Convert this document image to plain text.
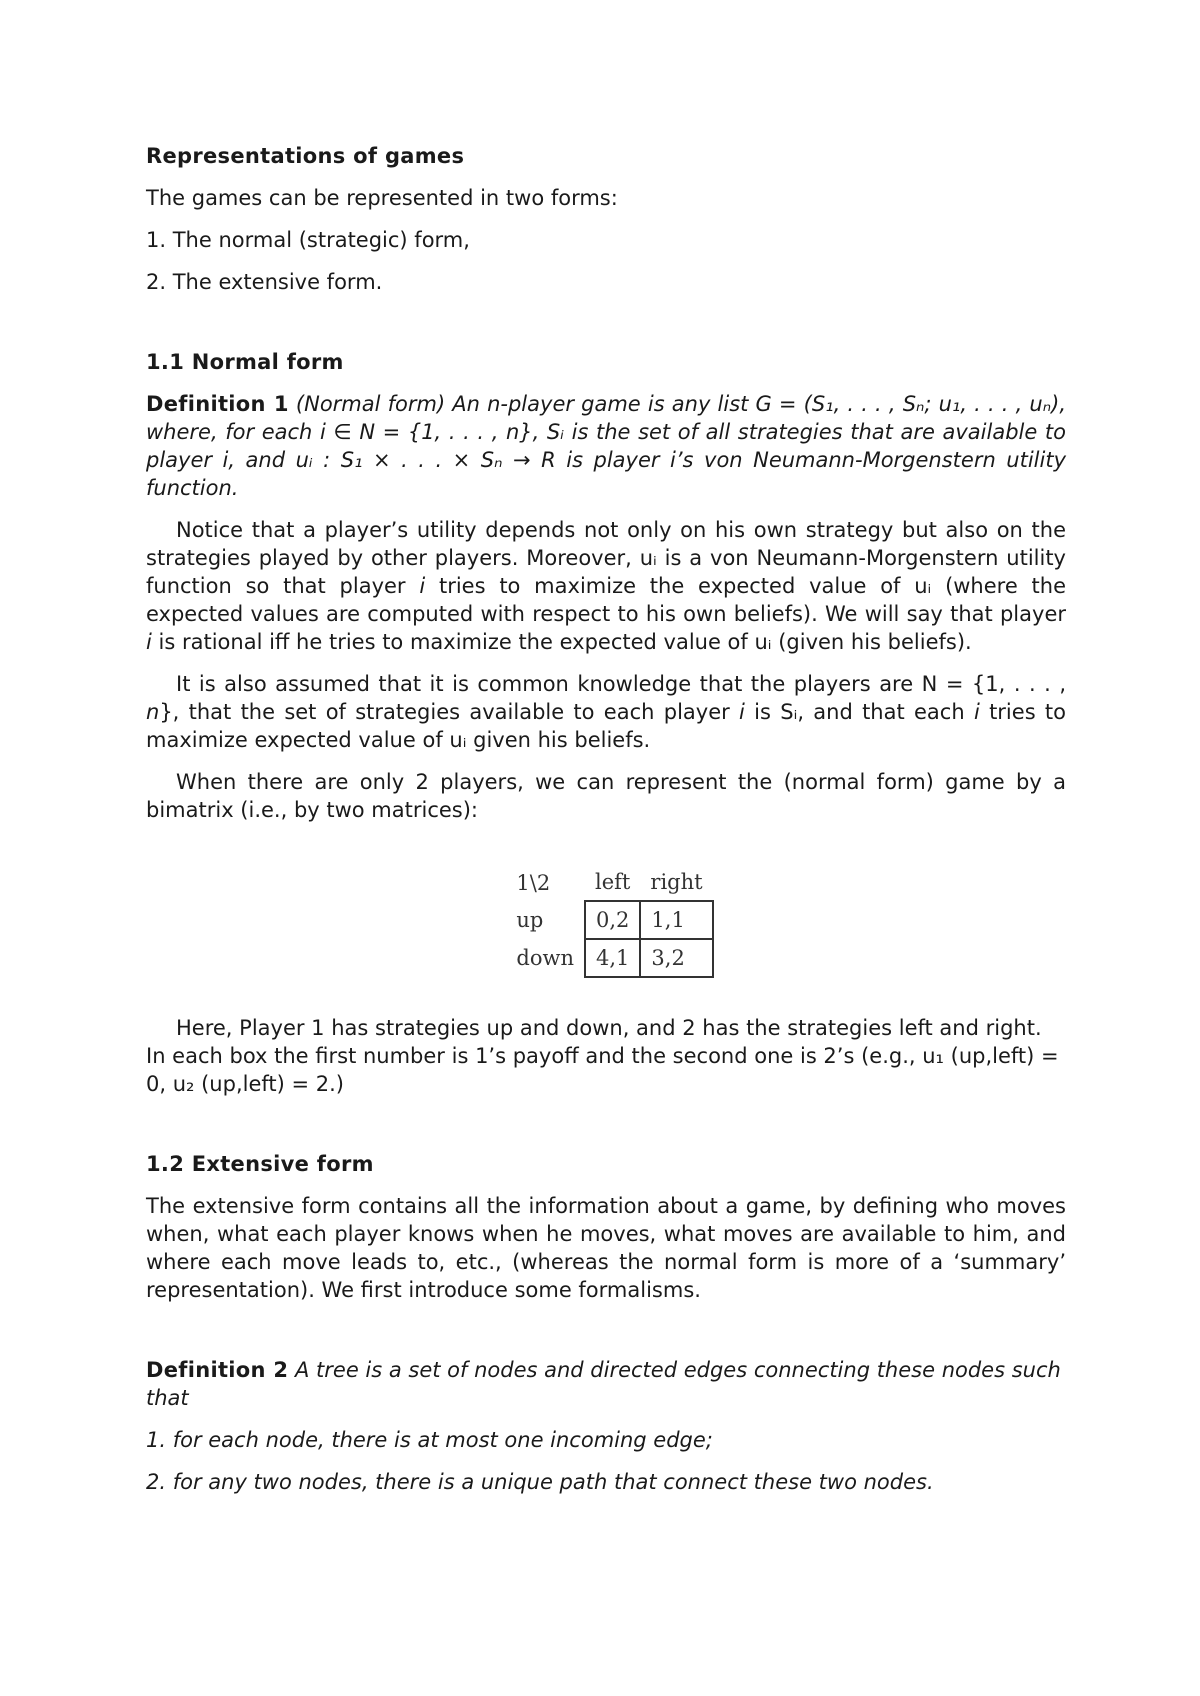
Representations of games

The games can be represented in two forms:

1. The normal (strategic) form,

2. The extensive form.

1.1 Normal form

Definition 1 (Normal form) An n-player game is any list G = (S₁, . . . , Sₙ; u₁, . . . , uₙ), where, for each i ∈ N = {1, . . . , n}, Sᵢ is the set of all strategies that are available to player i, and uᵢ : S₁ × . . . × Sₙ → R is player i’s von Neumann-Morgenstern utility function.

Notice that a player’s utility depends not only on his own strategy but also on the strategies played by other players. Moreover, uᵢ is a von Neumann-Morgenstern utility function so that player i tries to maximize the expected value of uᵢ (where the expected values are computed with respect to his own beliefs). We will say that player i is rational iff he tries to maximize the expected value of uᵢ (given his beliefs).

It is also assumed that it is common knowledge that the players are N = {1, . . . , n}, that the set of strategies available to each player i is Sᵢ, and that each i tries to maximize expected value of uᵢ given his beliefs.

When there are only 2 players, we can represent the (normal form) game by a bimatrix (i.e., by two matrices):

1\2	left	right
up	0,2	1,1
down	4,1	3,2

Here, Player 1 has strategies up and down, and 2 has the strategies left and right. In each box the first number is 1’s payoff and the second one is 2’s (e.g., u₁ (up,left) = 0, u₂ (up,left) = 2.)

1.2 Extensive form

The extensive form contains all the information about a game, by defining who moves when, what each player knows when he moves, what moves are available to him, and where each move leads to, etc., (whereas the normal form is more of a ‘summary’ representation). We first introduce some formalisms.

Definition 2 A tree is a set of nodes and directed edges connecting these nodes such that

1. for each node, there is at most one incoming edge;

2. for any two nodes, there is a unique path that connect these two nodes.
